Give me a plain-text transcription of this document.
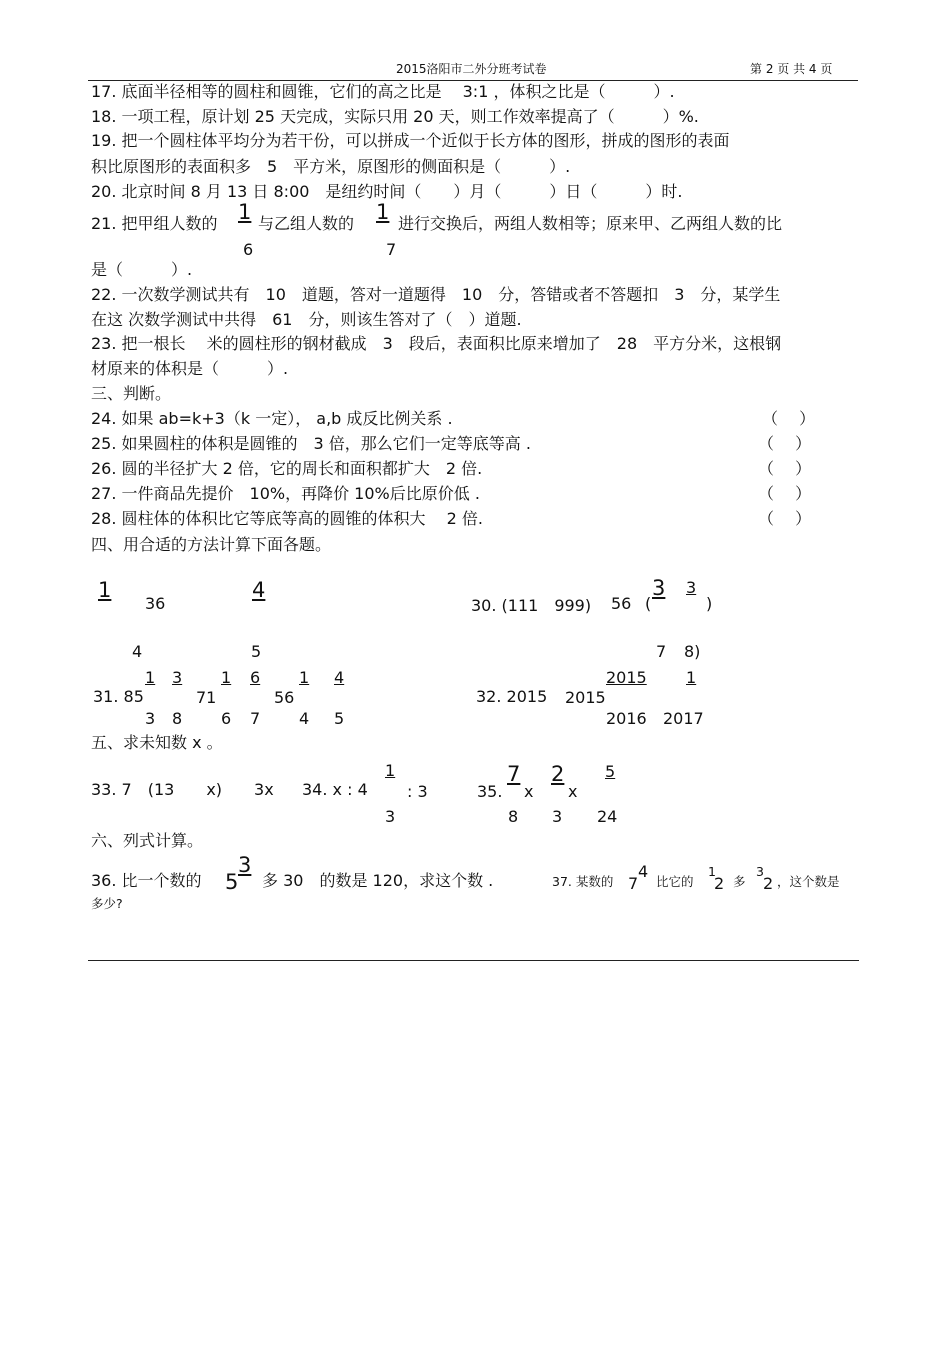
2015洛阳市二外分班考试卷	第 2 页 共 4 页
17. 底面半径相等的圆柱和圆锥，它们的高之比是　 3:1 ，体积之比是（　　　）.
18. 一项工程，原计划 25 天完成，实际只用 20 天，则工作效率提高了（　　　）%.
19. 把一个圆柱体平均分为若干份，可以拼成一个近似于长方体的图形，拼成的图形的表面
积比原图形的表面积多　5　平方米，原图形的侧面积是（　　　）.
20. 北京时间 8 月 13 日 8:00　是纽约时间（　　）月（　　　）日（　　　）时.
21. 把甲组人数的 1
6
与乙组人数的 1
7
进行交换后，两组人数相等；原来甲、乙两组人数的比
是（　　　）.
22. 一次数学测试共有　10　道题，答对一道题得　10　分，答错或者不答题扣　3　分，某学生
在这 次数学测试中共得　61　分，则该生答对了（　）道题.
23. 把一根长　 米的圆柱形的钢材截成　3　段后，表面积比原来增加了　28　平方分米，这根钢
材原来的体积是（　　　）.
三、判断。
24. 如果 ab=k+3（k 一定）， a,b 成反比例关系 .	（　 ）
25. 如果圆柱的体积是圆锥的　3 倍，那么它们一定等底等高 .	（　 ）
26. 圆的半径扩大 2 倍，它的周长和面积都扩大　2 倍.	（　 ）
27. 一件商品先提价　10%，再降价 10%后比原价低 .	（　 ）
28. 圆柱体的体积比它等底等高的圆锥的体积大　 2 倍.	（　 ）
四、用合适的方法计算下面各题。
1
36
4
4	5
30. (111　999) 56 (
3 3
)
7 8)
1 3 1 6 1 4
31. 85	71	56
3 8 6 7 4 5
2015	1
32. 2015 2015
2016 2017
五、求未知数 x 。
33. 7　(13　　x)　　3x 34. x : 4
1
3
: 3	35.
7
x
2
x
5
8 3 24
六、列式计算。
36. 比一个数的 5
3
多 30　的数是 120，求这个数 .	37. 某数的 7
4
比它的
1
2 多
3
2 ，这个数是
多少?
